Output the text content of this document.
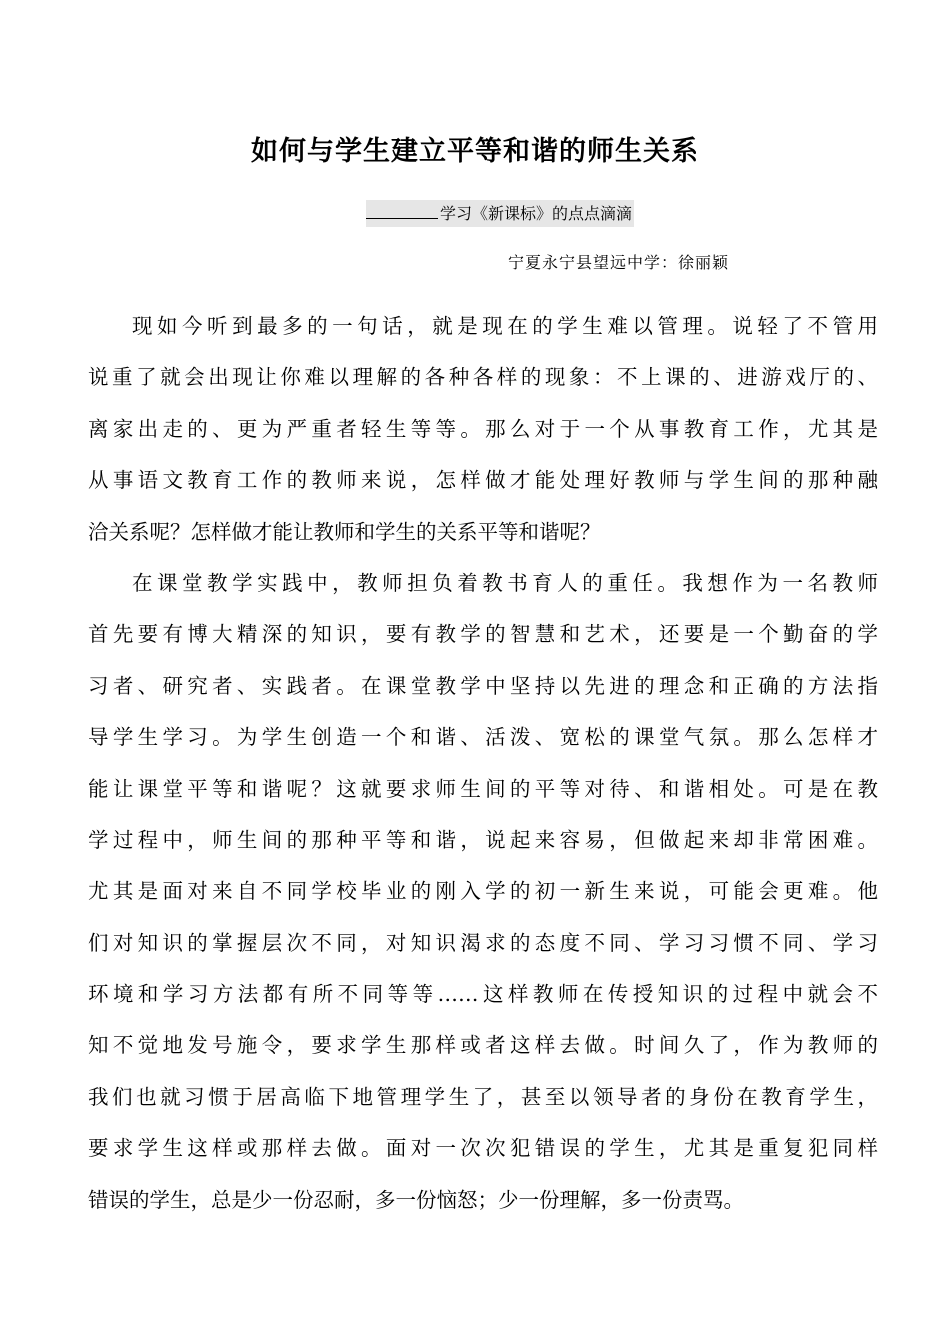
如何与学生建立平等和谐的师生关系
学习《新课标》的点点滴滴
宁夏永宁县望远中学：徐丽颖
现如今听到最多的一句话，就是现在的学生难以管理。说轻了不管用
说重了就会出现让你难以理解的各种各样的现象：不上课的、进游戏厅的、
离家出走的、更为严重者轻生等等。那么对于一个从事教育工作，尤其是
从事语文教育工作的教师来说，怎样做才能处理好教师与学生间的那种融
洽关系呢？怎样做才能让教师和学生的关系平等和谐呢？
在课堂教学实践中，教师担负着教书育人的重任。我想作为一名教师
首先要有博大精深的知识，要有教学的智慧和艺术，还要是一个勤奋的学
习者、研究者、实践者。在课堂教学中坚持以先进的理念和正确的方法指
导学生学习。为学生创造一个和谐、活泼、宽松的课堂气氛。那么怎样才
能让课堂平等和谐呢？这就要求师生间的平等对待、和谐相处。可是在教
学过程中，师生间的那种平等和谐，说起来容易，但做起来却非常困难。
尤其是面对来自不同学校毕业的刚入学的初一新生来说，可能会更难。他
们对知识的掌握层次不同，对知识渴求的态度不同、学习习惯不同、学习
环境和学习方法都有所不同等等……这样教师在传授知识的过程中就会不
知不觉地发号施令，要求学生那样或者这样去做。时间久了，作为教师的
我们也就习惯于居高临下地管理学生了，甚至以领导者的身份在教育学生，
要求学生这样或那样去做。面对一次次犯错误的学生，尤其是重复犯同样
错误的学生，总是少一份忍耐，多一份恼怒；少一份理解，多一份责骂。
